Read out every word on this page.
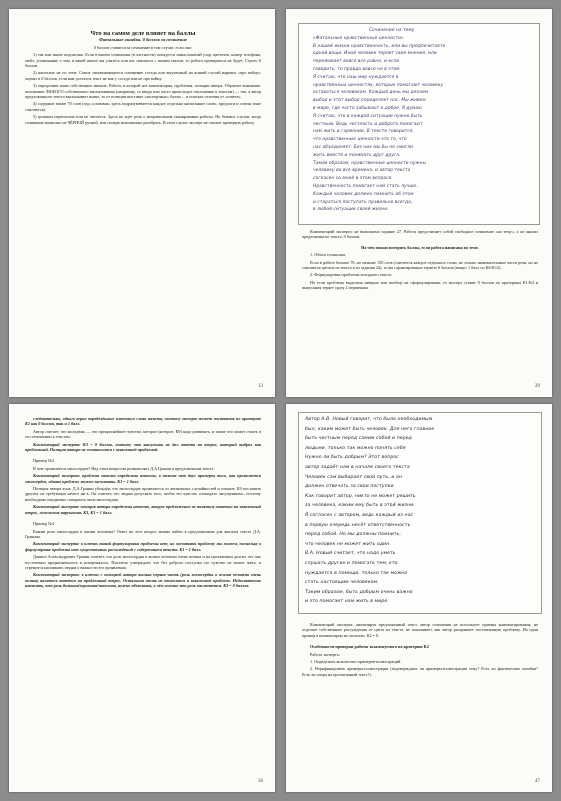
Что на самом деле влияет на баллы

Фатальные ошибки. 0 баллов за сочинение

0 баллов ставится за сочинение в том случае, если оно:

1) так или иначе подписано. Если в вашем сочинении (в частности) попадется замысловатый узор, цветочек, номер телефона, мейл, упоминание о том, в какой школе вы учитесь или вас связаться с вашим пылом, то работа проверяться не будет. Строго 0 баллов.

2) написано не по теме. Самое запоминающееся сочинение соседа или выученный на всякий случай вариант «про войну» оценят в 0 баллов, если вам достался текст не как у соседа или не про войну.

3) определяют ваше собственное мнение. Работа, в которой нет комментария, проблемы, позиции автора. Обратите внимание: положение ЛЮБОГО собственного высказывания (например, со ввода или часто происходит отклонение к текстам) — так, а автор предложенного текста высказывает иначе, то от позиции выставят «экспертные» баллы ... в поисках отличия от «ответа».

4) содержит менее 70 слов (под «словами» здесь подразумевается каждое отдельно написанное слово, предлоги и союзы тоже считаются).

5) целиком переписано или не читается. Здесь не идёт речь о неправильном сканировании работы. Но бывают случаи, когда сочинение написано не ЧЁРНОЙ ручкой, или почерк невозможно разобрать. В этом случае эксперт не сможет проверить работу.

13
Сочинение на тему
«Фатальные нравственные ценности»
В нашей жизни нравственность, или вы предпочитаете
одной вещи. Иной человек теряет свое мнение, или
переживает вовсе все равно, и если
говорить, то правда вовсе не в этом
Я считаю, что наш мир нуждается в
нравственных ценностях, которые помогают человеку
оставаться человеком. Каждый день мы делаем
выбор и этот выбор определяет нас. Мы живем
в мире, где часто забывают о добре. Я думаю
Я считаю, что в каждой ситуации нужно быть
честным. Ведь честность и доброта помогают
нам жить в гармонии. В тексте говорится,
что нравственные ценности это то, что
нас объединяет. Без них мы бы не смогли
жить вместе и понимать друг друга.
Таким образом, нравственные ценности нужны
человеку во все времена, и автор текста
согласен со мной в этом вопросе.
Нравственность помогает нам стать лучше.
Каждый человек должен помнить об этом
и стараться поступать правильно всегда,
в любой ситуации своей жизни.

Комментарий эксперта: не выполнено задание 27. Работа представляет собой свободное сочинение «на тему», а не анализ предложенного текста. 0 баллов.

На чём можно потерять баллы, если работа написана по теме.

1. Объём сочинения.

Если в работе больше 70, но меньше 150 слов (считается каждое отдельное слово, не только знаменательные части речи, но не считаются цитаты из текста и из задания 24), то вы гарантированно теряете 6 баллов (минус 1 балл по К6-К12).

2. Формулировка проблемы исходного текста.

Но если проблема выделена неверно или вообще не сформулирована, то эксперт ставит 0 баллов по критериям К1-К4 и выпускник теряет сразу 2 первичных

29

следовательно, одного верно определённого ключевого слова текста, поэтому эксперт может поставить по критерию К1 как 0 баллов, так и 1 балл.

Автор считает, что молодёжь — это прекраснейшее чувство, которое (которое, К9) надо развивать, и также что может стоять в его отношении к текстам.

Комментарий эксперта: К3 = 0 баллов, поэтому что выпускник не дал ответа на вопрос, который выбрал как проблемный. Позиция автора не соотносится с заявленной проблемой.

Пример №3

В чем проявляется милосердие? Над этим вопросом размышляет Д.А.Гранин в предложенном тексте.

Комментарий эксперта: проблема текста определена неточно, в тексте нет двух примеров того, как проявляется милосердие, однако проблему можно засчитать. К1 = 1 балл.

Позиция автора ясна. Д.А.Гранин убеждён, что милосердие проявляется от жизненных случайностей и отказов. К9 поставить другим, не требующая нечего ни в. Он считает, что людям допускать того, чтобы это чувство «покидало запущенным», поэтому необходимо ежедневно совершать акты милосердия.

Комментарий эксперта: позиция автора определена неточно, второе предложение не является ответом на заявленный вопрос, логические нарушения. К3, К3 = 1 балл.

Пример №4

Какова роль милосердия в жизни человека? Ответ на этот вопрос можно найти в предложенном для анализа тексте Д.А. Гранина.

Комментарий эксперта: в ключах такой формулировки проблемы нет, но засчитать проблему мы можем, поскольку в формулировке проблемы нет существенных расхождений с содержанием текста. К1 = 1 балл.

Даниил Александрович Гранин считает, что роль милосердия в жизни человека очень велика и на протяжении долгих лет оно постепенно предназначалось и искоренялось. Писатель утверждает, что без доброго поступка это чувство не может жить, и стремится напомнить людям о важности его проявления.

Комментарий эксперта: в ключах с позицией автора только первая часть (роль милосердия в жизни человека очень велика) является ответом на проблемный вопрос. Остальная часть не относится к заявленной проблеме. Недостаточно написать, что роль большая/огромная/значимая, нужно объяснить, в чём именно эта роль заключается. К3 = 0 баллов.

36
Автор А.В. Новый говорит, что было необходимым
был, каким может быть человек. Для него главное
быть честным перед самим собой и перед
людьми, только так можно понять себя
Нужно ли быть добрым? Этот вопрос
автор задаёт нам в начале своего текста
Человек сам выбирает свой путь, и он
должен отвечать за свои поступки
Как говорит автор, никто не может решить
за человека, каким ему быть в этой жизни.
Я согласен с автором, ведь каждый из нас
в первую очередь несёт ответственность
перед собой. Но мы должны помнить,
что человек не может жить один.
В.А. Новый считает, что надо уметь
слушать других и помогать тем, кто
нуждается в помощи, только так можно
стать настоящим человеком.
Таким образом, быть добрым очень важно
и это помогает нам жить в мире.

Комментарий эксперта: анализируя предложенный текст, автор сочинения не использует приемы комментирования, не отделяет собственные рассуждения от цитат из текста, не показывает, как автор раскрывает поставленную проблему. На один пример в комментарии не засчитан. К2 = 0.

Особенности проверки работы экзаменуемого по критерию К2

Работа эксперта:

1. Определить количество примеров-иллюстраций.

2. Верифицировать примеры-иллюстрации (подтверждают ли примеры-иллюстрации тему? Есть ли фактические ошибки? Есть ли опора на прочитанный текст?).

47
